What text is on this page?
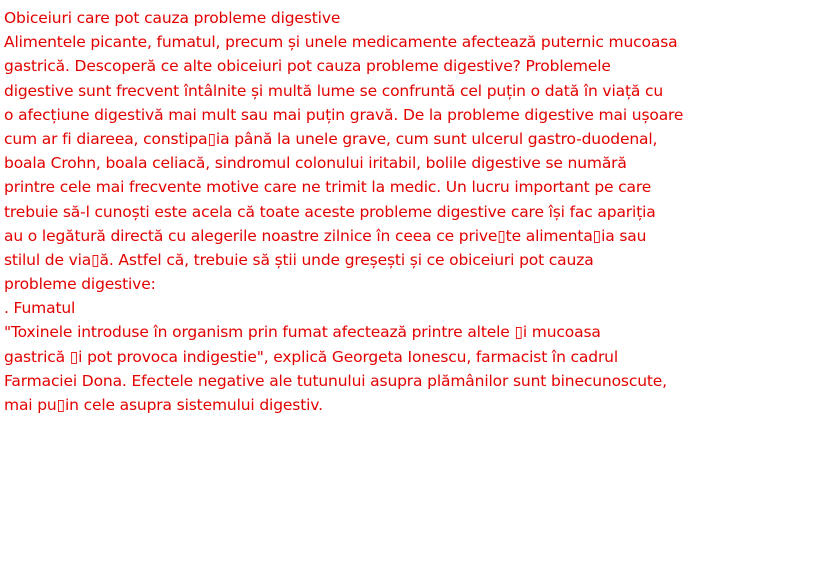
Obiceiuri care pot cauza probleme digestive
Alimentele picante, fumatul, precum și unele medicamente afectează puternic mucoasa
gastrică. Descoperă ce alte obiceiuri pot cauza probleme digestive? Problemele
digestive sunt frecvent întâlnite și multă lume se confruntă cel puțin o dată în viață cu
o afecțiune digestivă mai mult sau mai puțin gravă. De la probleme digestive mai ușoare
cum ar fi diareea, constipa▯ia până la unele grave, cum sunt ulcerul gastro-duodenal,
boala Crohn, boala celiacă, sindromul colonului iritabil, bolile digestive se numără
printre cele mai frecvente motive care ne trimit la medic. Un lucru important pe care
trebuie să-l cunoști este acela că toate aceste probleme digestive care își fac apariția
au o legătură directă cu alegerile noastre zilnice în ceea ce prive▯te alimenta▯ia sau
stilul de via▯ă. Astfel că, trebuie să știi unde greșești și ce obiceiuri pot cauza
probleme digestive:
. Fumatul
"Toxinele introduse în organism prin fumat afectează printre altele ▯i mucoasa
gastrică ▯i pot provoca indigestie", explică Georgeta Ionescu, farmacist în cadrul
Farmaciei Dona. Efectele negative ale tutunului asupra plămânilor sunt binecunoscute,
mai pu▯in cele asupra sistemului digestiv.
